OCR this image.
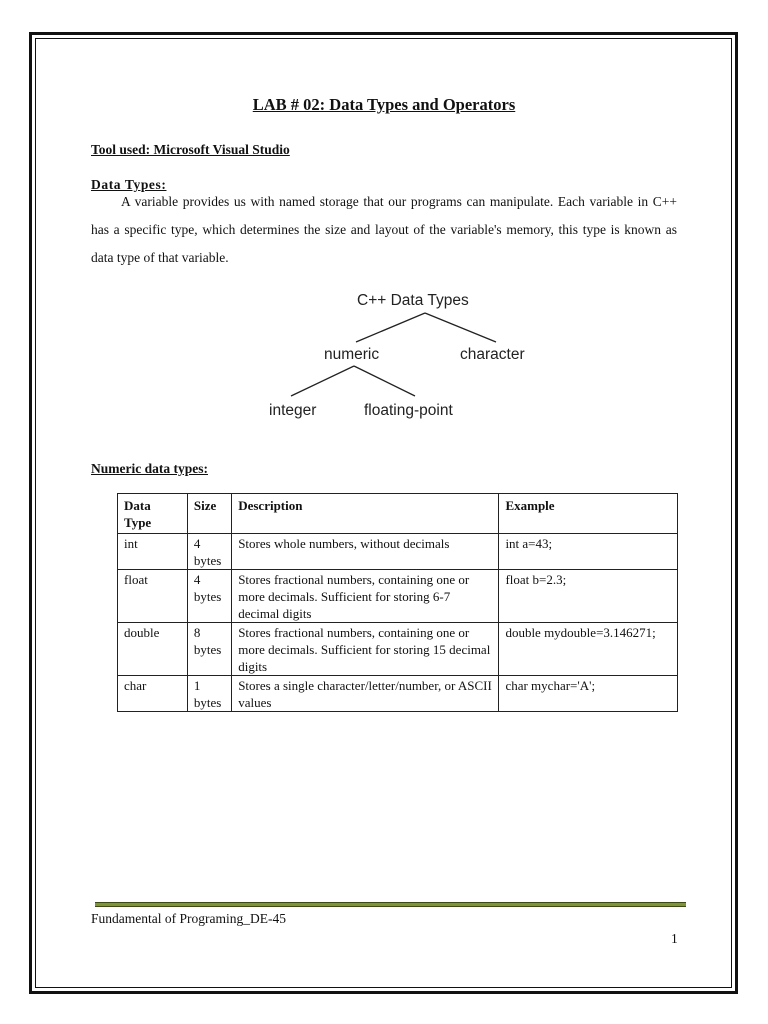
LAB # 02: Data Types and Operators
Tool used: Microsoft Visual Studio
Data Types:
A variable provides us with named storage that our programs can manipulate. Each variable in C++ has a specific type, which determines the size and layout of the variable's memory, this type is known as data type of that variable.
C++ Data Types
numeric	character
integer	floating-point
Numeric data types:
Data Type	Size	Description	Example
int	4 bytes	Stores whole numbers, without decimals	int a=43;
float	4 bytes	Stores fractional numbers, containing one or more decimals. Sufficient for storing 6-7 decimal digits	float b=2.3;
double	8 bytes	Stores fractional numbers, containing one or more decimals. Sufficient for storing 15 decimal digits	double mydouble=3.146271;
char	1 bytes	Stores a single character/letter/number, or ASCII values	char mychar='A';
Fundamental of Programing_DE-45
1
